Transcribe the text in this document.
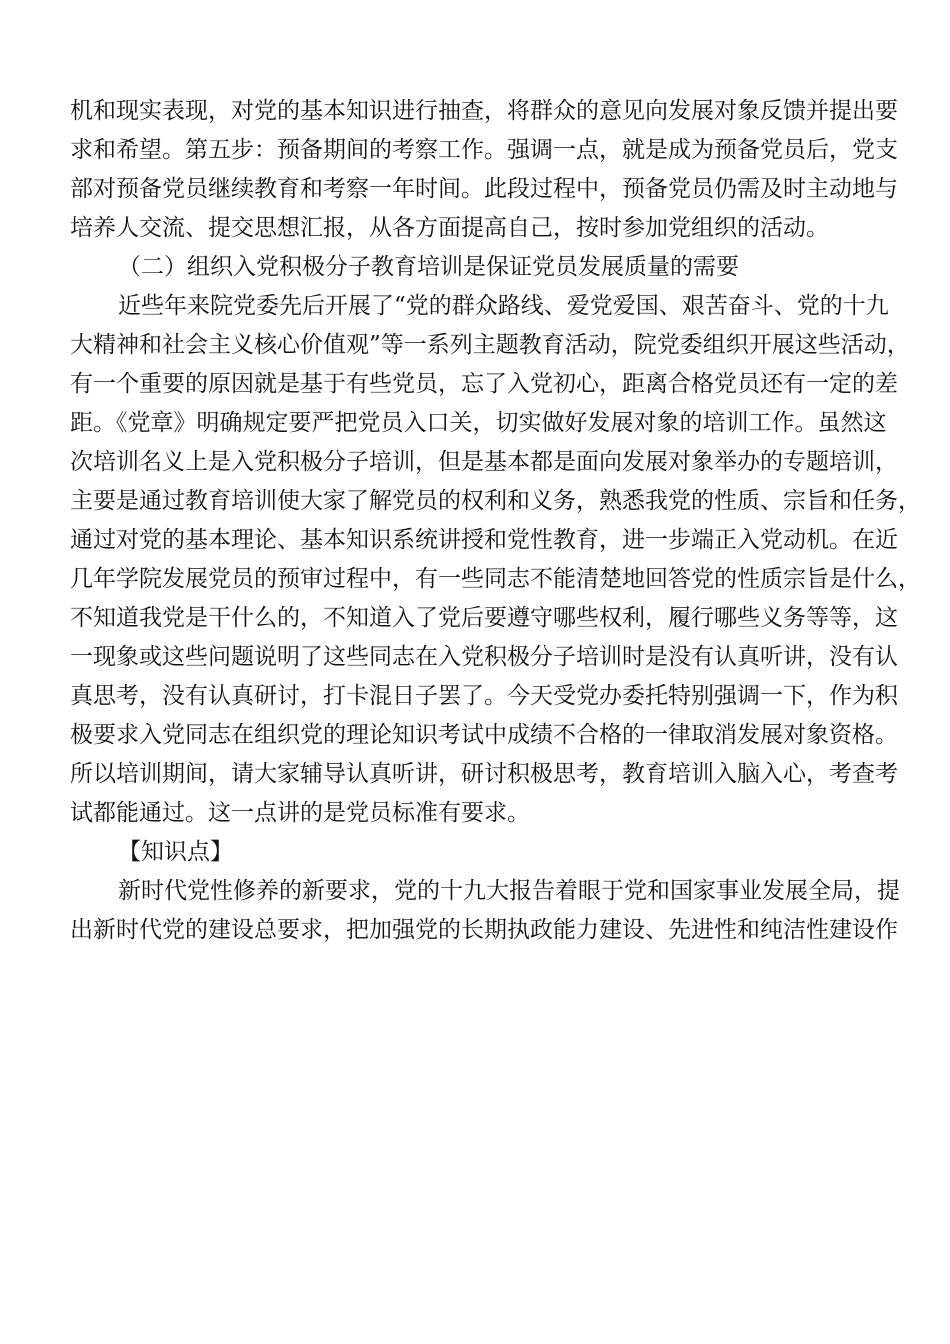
机和现实表现，对党的基本知识进行抽查，将群众的意见向发展对象反馈并提出要
求和希望。第五步：预备期间的考察工作。强调一点，就是成为预备党员后，党支
部对预备党员继续教育和考察一年时间。此段过程中，预备党员仍需及时主动地与
培养人交流、提交思想汇报，从各方面提高自己，按时参加党组织的活动。
（二）组织入党积极分子教育培训是保证党员发展质量的需要
近些年来院党委先后开展了“党的群众路线、爱党爱国、艰苦奋斗、党的十九
大精神和社会主义核心价值观”等一系列主题教育活动，院党委组织开展这些活动，
有一个重要的原因就是基于有些党员，忘了入党初心，距离合格党员还有一定的差
距。《党章》明确规定要严把党员入口关，切实做好发展对象的培训工作。虽然这
次培训名义上是入党积极分子培训，但是基本都是面向发展对象举办的专题培训，
主要是通过教育培训使大家了解党员的权利和义务，熟悉我党的性质、宗旨和任务，
通过对党的基本理论、基本知识系统讲授和党性教育，进一步端正入党动机。在近
几年学院发展党员的预审过程中，有一些同志不能清楚地回答党的性质宗旨是什么，
不知道我党是干什么的，不知道入了党后要遵守哪些权利，履行哪些义务等等，这
一现象或这些问题说明了这些同志在入党积极分子培训时是没有认真听讲，没有认
真思考，没有认真研讨，打卡混日子罢了。今天受党办委托特别强调一下，作为积
极要求入党同志在组织党的理论知识考试中成绩不合格的一律取消发展对象资格。
所以培训期间，请大家辅导认真听讲，研讨积极思考，教育培训入脑入心，考查考
试都能通过。这一点讲的是党员标准有要求。
【知识点】
新时代党性修养的新要求，党的十九大报告着眼于党和国家事业发展全局，提
出新时代党的建设总要求，把加强党的长期执政能力建设、先进性和纯洁性建设作
